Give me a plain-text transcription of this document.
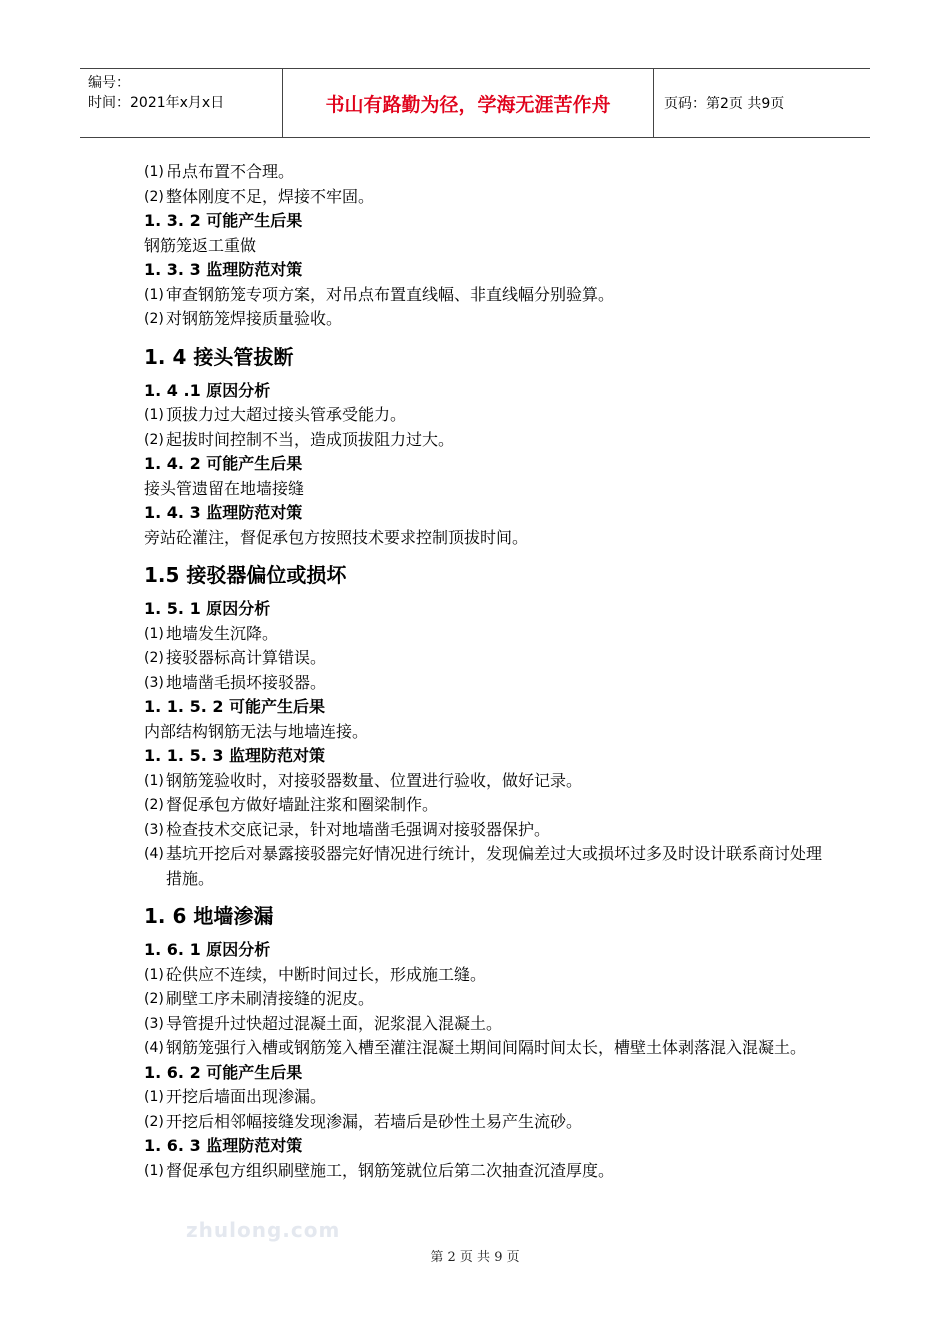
编号：
时间：2021年x月x日	书山有路勤为径，学海无涯苦作舟	页码：第2页 共9页
(1) 吊点布置不合理。
(2) 整体刚度不足，焊接不牢固。
1. 3. 2 可能产生后果
钢筋笼返工重做
1. 3. 3 监理防范对策
(1) 审查钢筋笼专项方案，对吊点布置直线幅、非直线幅分别验算。
(2) 对钢筋笼焊接质量验收。
1. 4 接头管拔断
1. 4 .1 原因分析
(1) 顶拔力过大超过接头管承受能力。
(2) 起拔时间控制不当，造成顶拔阻力过大。
1. 4. 2 可能产生后果
接头管遗留在地墙接缝
1. 4. 3 监理防范对策
旁站砼灌注，督促承包方按照技术要求控制顶拔时间。
1.5 接驳器偏位或损坏
1. 5. 1 原因分析
(1) 地墙发生沉降。
(2) 接驳器标高计算错误。
(3) 地墙凿毛损坏接驳器。
1. 1. 5. 2 可能产生后果
内部结构钢筋无法与地墙连接。
1. 1. 5. 3 监理防范对策
(1) 钢筋笼验收时，对接驳器数量、位置进行验收，做好记录。
(2) 督促承包方做好墙趾注浆和圈梁制作。
(3) 检查技术交底记录，针对地墙凿毛强调对接驳器保护。
(4) 基坑开挖后对暴露接驳器完好情况进行统计，发现偏差过大或损坏过多及时设计联系商讨处理措施。
1. 6 地墙渗漏
1. 6. 1 原因分析
(1) 砼供应不连续，中断时间过长，形成施工缝。
(2) 刷壁工序未刷清接缝的泥皮。
(3) 导管提升过快超过混凝土面，泥浆混入混凝土。
(4) 钢筋笼强行入槽或钢筋笼入槽至灌注混凝土期间间隔时间太长，槽壁土体剥落混入混凝土。
1. 6. 2 可能产生后果
(1) 开挖后墙面出现渗漏。
(2) 开挖后相邻幅接缝发现渗漏，若墙后是砂性土易产生流砂。
1. 6. 3 监理防范对策
(1) 督促承包方组织刷壁施工，钢筋笼就位后第二次抽查沉渣厚度。
zhulong.com
第 2 页 共 9 页
